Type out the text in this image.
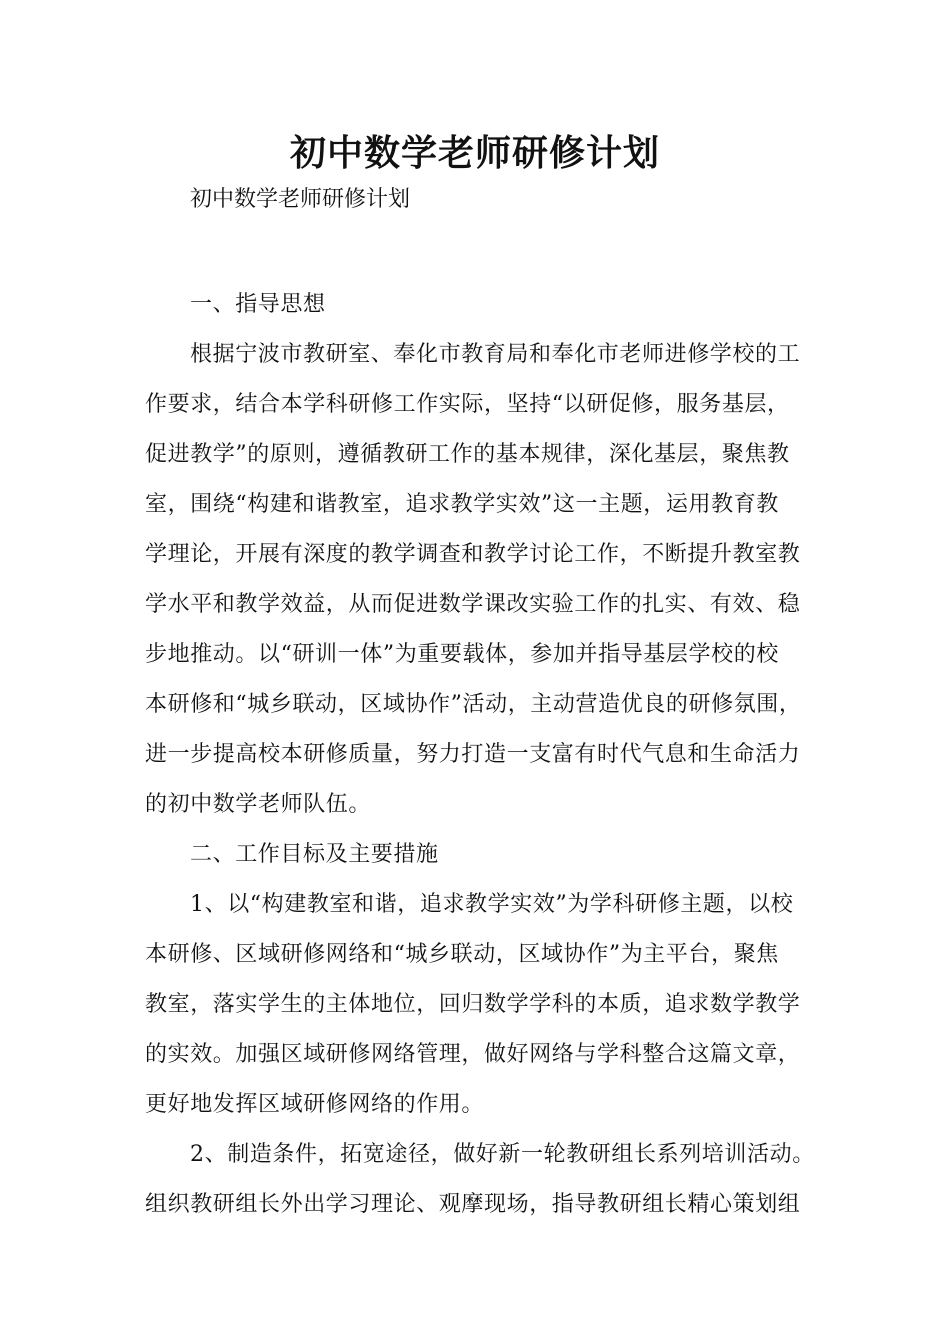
初中数学老师研修计划

初中数学老师研修计划

一、指导思想
根据宁波市教研室、奉化市教育局和奉化市老师进修学校的工
作要求，结合本学科研修工作实际，坚持“以研促修，服务基层，
促进教学”的原则，遵循教研工作的基本规律，深化基层，聚焦教
室，围绕“构建和谐教室，追求教学实效”这一主题，运用教育教
学理论，开展有深度的教学调查和教学讨论工作，不断提升教室教
学水平和教学效益，从而促进数学课改实验工作的扎实、有效、稳
步地推动。以“研训一体”为重要载体，参加并指导基层学校的校
本研修和“城乡联动，区域协作”活动，主动营造优良的研修氛围，
进一步提高校本研修质量，努力打造一支富有时代气息和生命活力
的初中数学老师队伍。
二、工作目标及主要措施
1、以“构建教室和谐，追求教学实效”为学科研修主题，以校
本研修、区域研修网络和“城乡联动，区域协作”为主平台，聚焦
教室，落实学生的主体地位，回归数学学科的本质，追求数学教学
的实效。加强区域研修网络管理，做好网络与学科整合这篇文章，
更好地发挥区域研修网络的作用。
2、制造条件，拓宽途径，做好新一轮教研组长系列培训活动。
组织教研组长外出学习理论、观摩现场，指导教研组长精心策划组
